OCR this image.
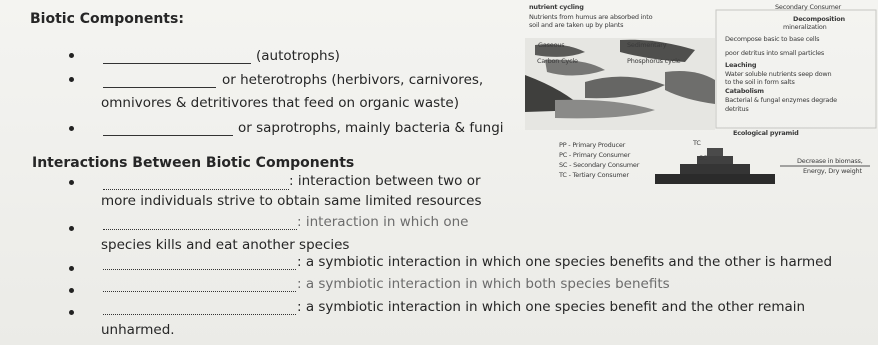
Biotic Components:
(autotrophs)
or heterotrophs (herbivors, carnivores,
omnivores & detritivores that feed on organic waste)
or saprotrophs, mainly bacteria & fungi
Interactions Between Biotic Components
: interaction between two or
more individuals strive to obtain same limited resources
: interaction in which one
species kills and eat another species
: a symbiotic interaction in which one species benefits and the other is harmed
: a symbiotic interaction in which both species benefits
: a symbiotic interaction in which one species benefit and the other remain
unharmed.
nutrient cycling
Nutrients from humus are absorbed into
soil and are taken up by plants
Secondary Consumer
Decomposition
mineralization
Gaseous	Sedimentary
Decompose basic to base cells
Carbon Cycle	Phosphorus cycle
poor detritus into small particles
Leaching
Water soluble nutrients seep down
to the soil in form salts
Catabolism
Bacterial & fungal enzymes degrade
detritus
Ecological pyramid
PP - Primary Producer	TC
PC - Primary Consumer	SC
SC - Secondary Consumer
TC - Tertiary Consumer
Decrease in biomass,
Energy, Dry weight
